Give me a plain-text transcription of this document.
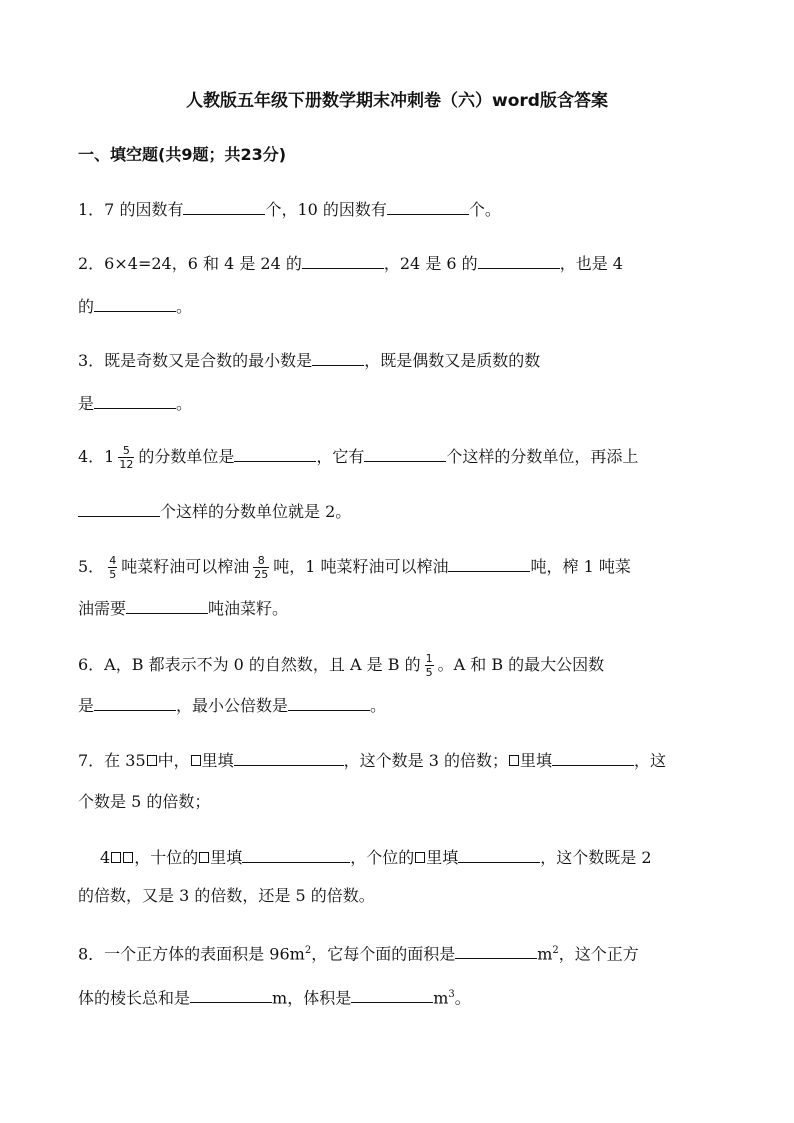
人教版五年级下册数学期末冲刺卷（六）word版含答案
一、填空题(共9题；共23分)
1．7 的因数有	个，10 的因数有	个。
2．6×4=24，6 和 4 是 24 的	，24 是 6 的	，也是 4
的	。
3．既是奇数又是合数的最小数是	，既是偶数又是质数的数
是	。
4．$1 \frac{5}{12}$ 的分数单位是	，它有	个这样的分数单位，再添上
个这样的分数单位就是 2。
5． $\frac{4}{5}$ 吨菜籽油可以榨油 $\frac{8}{25}$ 吨，1 吨菜籽油可以榨油	吨，榨 1 吨菜
油需要	吨油菜籽。
6．A，B 都表示不为 0 的自然数，且 A 是 B 的 $\frac{1}{5}$ 。A 和 B 的最大公因数
是	，最小公倍数是	。
7．在 35 中， 里填	，这个数是 3 的倍数； 里填	，这
个数是 5 的倍数；
4 ，十位的 里填	，个位的 里填	，这个数既是 2
的倍数，又是 3 的倍数，还是 5 的倍数。
8．一个正方体的表面积是 $96m^2$，它每个面的面积是	$m^2$，这个正方
体的棱长总和是	m，体积是	$m^3$。
